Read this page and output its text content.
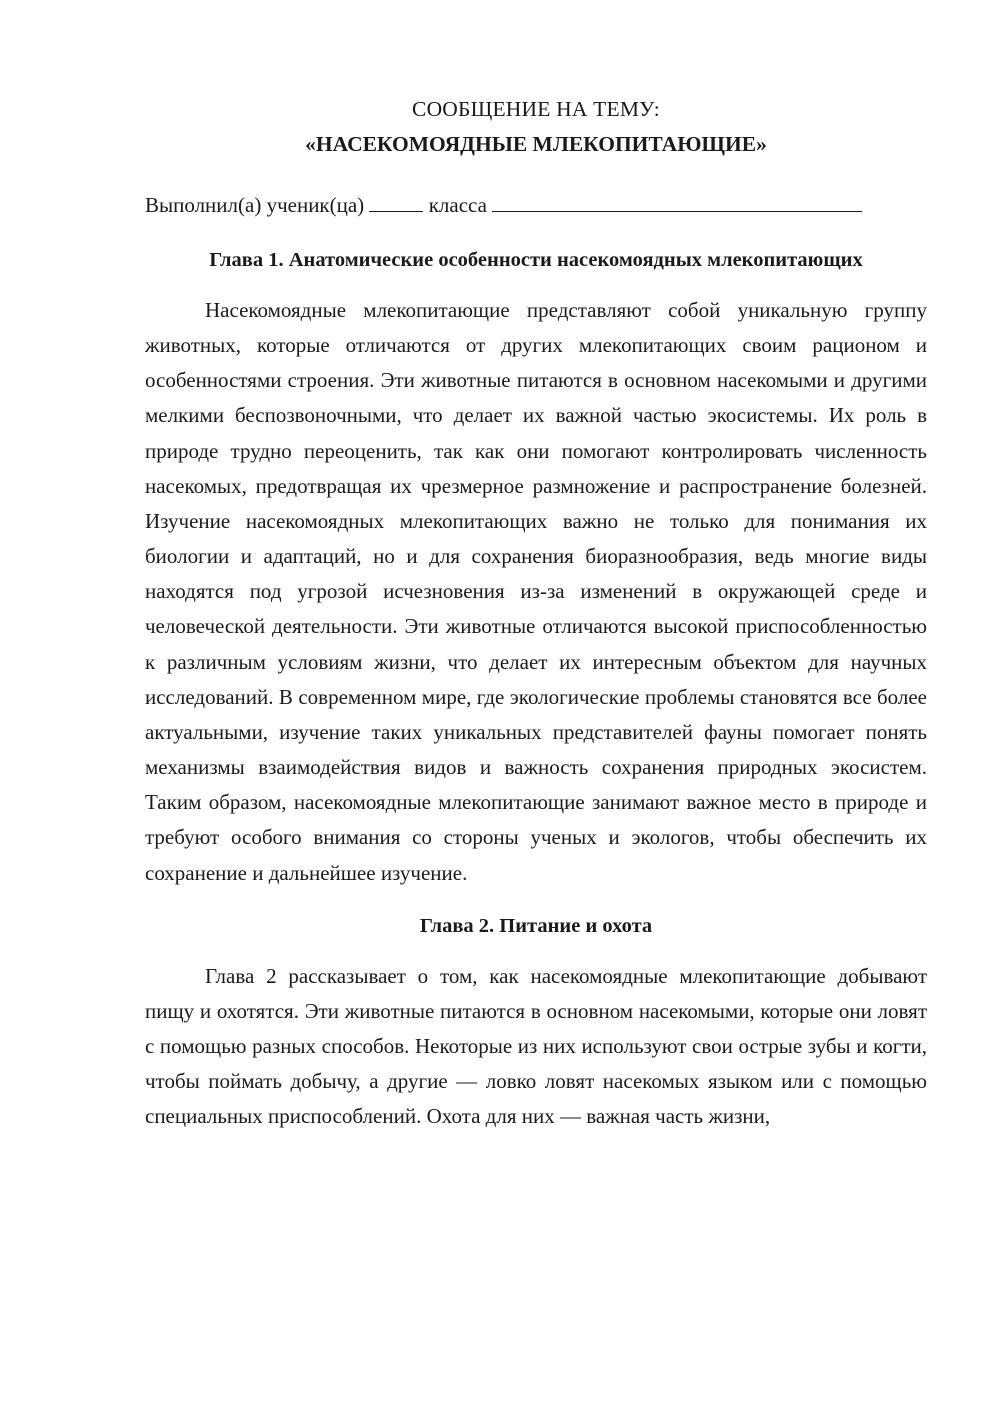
СООБЩЕНИЕ НА ТЕМУ:

«НАСЕКОМОЯДНЫЕ МЛЕКОПИТАЮЩИЕ»

Выполнил(а) ученик(ца)	класса
Глава 1. Анатомические особенности насекомоядных млекопитающих

Насекомоядные млекопитающие представляют собой уникальную группу животных, которые отличаются от других млекопитающих своим рационом и особенностями строения. Эти животные питаются в основном насекомыми и другими мелкими беспозвоночными, что делает их важной частью экосистемы. Их роль в природе трудно переоценить, так как они помогают контролировать численность насекомых, предотвращая их чрезмерное размножение и распространение болезней. Изучение насекомоядных млекопитающих важно не только для понимания их биологии и адаптаций, но и для сохранения биоразнообразия, ведь многие виды находятся под угрозой исчезновения из-за изменений в окружающей среде и человеческой деятельности. Эти животные отличаются высокой приспособленностью к различным условиям жизни, что делает их интересным объектом для научных исследований. В современном мире, где экологические проблемы становятся все более актуальными, изучение таких уникальных представителей фауны помогает понять механизмы взаимодействия видов и важность сохранения природных экосистем. Таким образом, насекомоядные млекопитающие занимают важное место в природе и требуют особого внимания со стороны ученых и экологов, чтобы обеспечить их сохранение и дальнейшее изучение.

Глава 2. Питание и охота

Глава 2 рассказывает о том, как насекомоядные млекопитающие добывают пищу и охотятся. Эти животные питаются в основном насекомыми, которые они ловят с помощью разных способов. Некоторые из них используют свои острые зубы и когти, чтобы поймать добычу, а другие — ловко ловят насекомых языком или с помощью специальных приспособлений. Охота для них — важная часть жизни,
